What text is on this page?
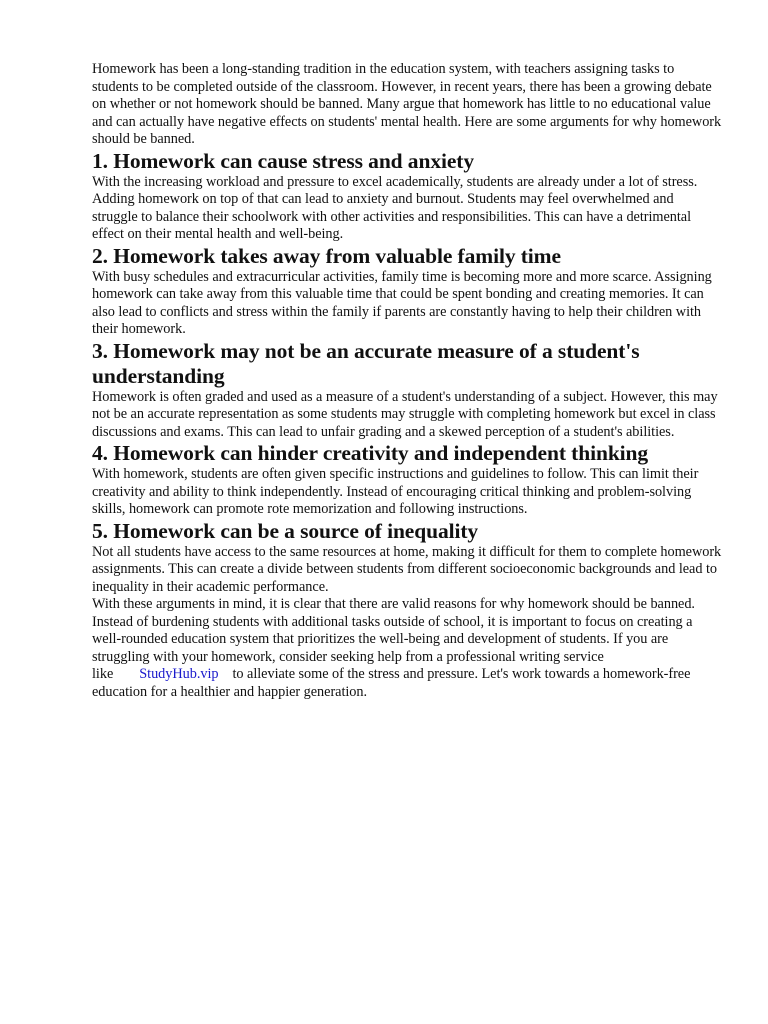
Homework has been a long-standing tradition in the education system, with teachers assigning tasks to students to be completed outside of the classroom. However, in recent years, there has been a growing debate on whether or not homework should be banned. Many argue that homework has little to no educational value and can actually have negative effects on students' mental health. Here are some arguments for why homework should be banned.

1. Homework can cause stress and anxiety

With the increasing workload and pressure to excel academically, students are already under a lot of stress. Adding homework on top of that can lead to anxiety and burnout. Students may feel overwhelmed and struggle to balance their schoolwork with other activities and responsibilities. This can have a detrimental effect on their mental health and well-being.

2. Homework takes away from valuable family time

With busy schedules and extracurricular activities, family time is becoming more and more scarce. Assigning homework can take away from this valuable time that could be spent bonding and creating memories. It can also lead to conflicts and stress within the family if parents are constantly having to help their children with their homework.

3. Homework may not be an accurate measure of a student's understanding

Homework is often graded and used as a measure of a student's understanding of a subject. However, this may not be an accurate representation as some students may struggle with completing homework but excel in class discussions and exams. This can lead to unfair grading and a skewed perception of a student's abilities.

4. Homework can hinder creativity and independent thinking

With homework, students are often given specific instructions and guidelines to follow. This can limit their creativity and ability to think independently. Instead of encouraging critical thinking and problem-solving skills, homework can promote rote memorization and following instructions.

5. Homework can be a source of inequality

Not all students have access to the same resources at home, making it difficult for them to complete homework assignments. This can create a divide between students from different socioeconomic backgrounds and lead to inequality in their academic performance.

With these arguments in mind, it is clear that there are valid reasons for why homework should be banned. Instead of burdening students with additional tasks outside of school, it is important to focus on creating a well-rounded education system that prioritizes the well-being and development of students. If you are struggling with your homework, consider seeking help from a professional writing service like StudyHub.vip to alleviate some of the stress and pressure. Let's work towards a homework-free education for a healthier and happier generation.
